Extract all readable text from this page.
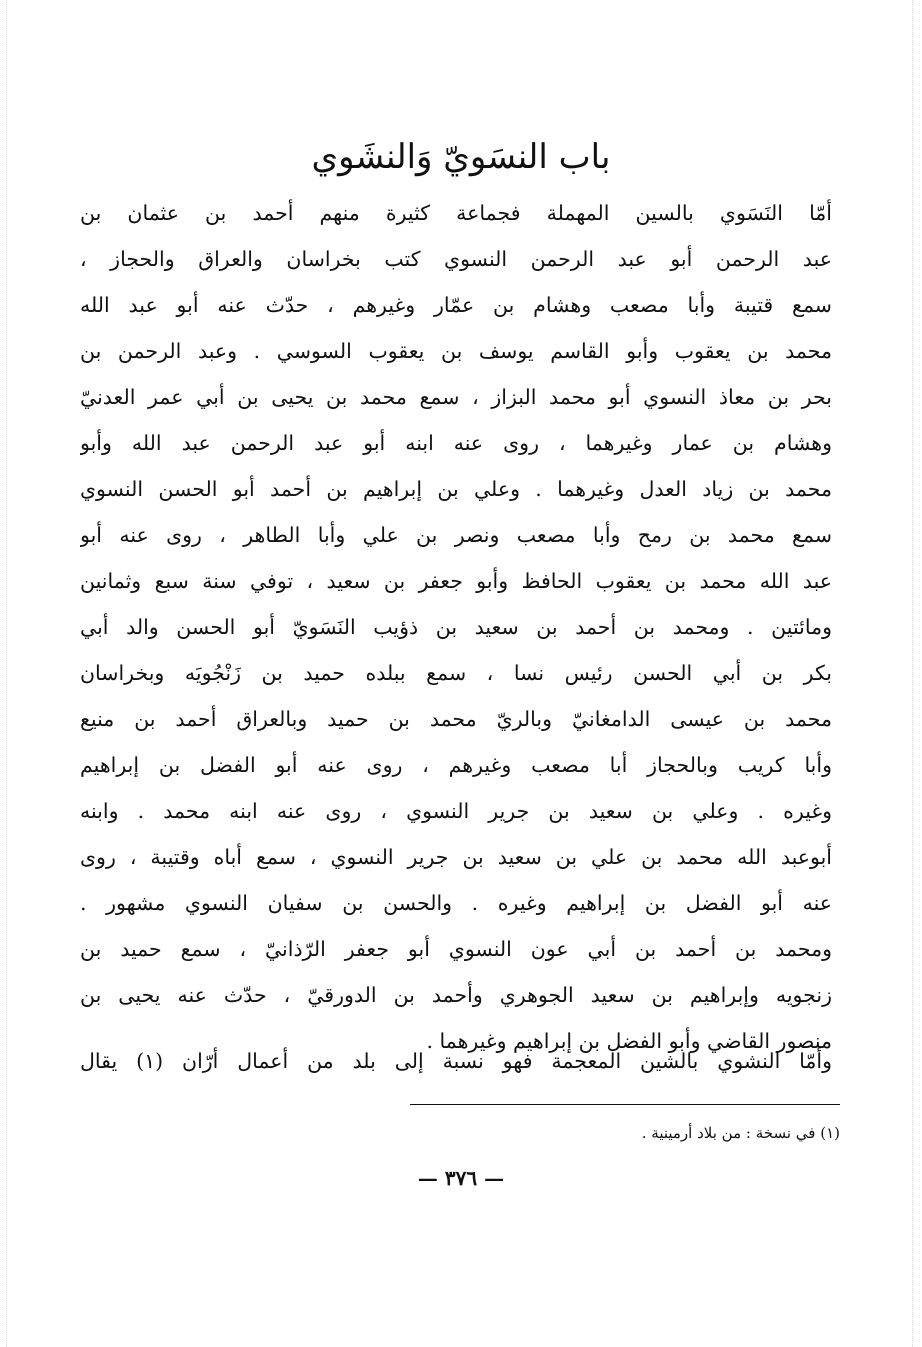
باب النسَويّ وَالنشَوي
أمّا النَسَوي بالسين المهملة فجماعة كثيرة منهم أحمد بن عثمان بن
عبد الرحمن أبو عبد الرحمن النسوي كتب بخراسان والعراق والحجاز ،
سمع قتيبة وأبا مصعب وهشام بن عمّار وغيرهم ، حدّث عنه أبو عبد الله
محمد بن يعقوب وأبو القاسم يوسف بن يعقوب السوسي . وعبد الرحمن بن
بحر بن معاذ النسوي أبو محمد البزاز ، سمع محمد بن يحيى بن أبي عمر العدنيّ
وهشام بن عمار وغيرهما ، روى عنه ابنه أبو عبد الرحمن عبد الله وأبو
محمد بن زياد العدل وغيرهما . وعلي بن إبراهيم بن أحمد أبو الحسن النسوي
سمع محمد بن رمح وأبا مصعب ونصر بن علي وأبا الطاهر ، روى عنه أبو
عبد الله محمد بن يعقوب الحافظ وأبو جعفر بن سعيد ، توفي سنة سبع وثمانين
ومائتين . ومحمد بن أحمد بن سعيد بن ذؤيب النَسَويّ أبو الحسن والد أبي
بكر بن أبي الحسن رئيس نسا ، سمع ببلده حميد بن زَنْجُويَه وبخراسان
محمد بن عيسى الدامغانيّ وبالريّ محمد بن حميد وبالعراق أحمد بن منيع
وأبا كريب وبالحجاز أبا مصعب وغيرهم ، روى عنه أبو الفضل بن إبراهيم
وغيره . وعلي بن سعيد بن جرير النسوي ، روى عنه ابنه محمد . وابنه
أبوعبد الله محمد بن علي بن سعيد بن جرير النسوي ، سمع أباه وقتيبة ، روى
عنه أبو الفضل بن إبراهيم وغيره . والحسن بن سفيان النسوي مشهور .
ومحمد بن أحمد بن أبي عون النسوي أبو جعفر الرّذانيّ ، سمع حميد بن
زنجويه وإبراهيم بن سعيد الجوهري وأحمد بن الدورقيّ ، حدّث عنه يحيى بن
منصور القاضي وأبو الفضل بن إبراهيم وغيرهما .
وأمّا النشوي بالشين المعجمة فهو نسبة إلى بلد من أعمال أرّان (١) يقال
(١) في نسخة : من بلاد أرمينية .
— ٣٧٦ —
